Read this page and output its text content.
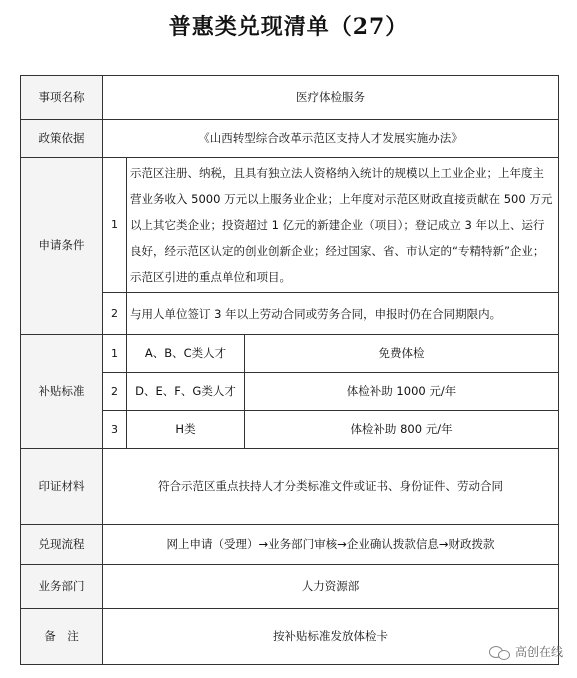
普惠类兑现清单（27）
事项名称	医疗体检服务		
政策依据	《山西转型综合改革示范区支持人才发展实施办法》		
申请条件	1	示范区注册、纳税，且具有独立法人资格纳入统计的规模以上工业企业；上年度主营业务收入 5000 万元以上服务业企业；上年度对示范区财政直接贡献在 500 万元以上其它类企业；投资超过 1 亿元的新建企业（项目）；登记成立 3 年以上、运行良好，经示范区认定的创业创新企业；经过国家、省、市认定的“专精特新”企业；示范区引进的重点单位和项目。	
	2	与用人单位签订 3 年以上劳动合同或劳务合同，申报时仍在合同期限内。	
补贴标准	1	A、B、C类人才	免费体检
	2	D、E、F、G类人才	体检补助 1000 元/年
	3	H类	体检补助 800 元/年
印证材料	符合示范区重点扶持人才分类标准文件或证书、身份证件、劳动合同		
兑现流程	网上申请（受理）→业务部门审核→企业确认拨款信息→财政拨款		
业务部门	人力资源部		
备　注	按补贴标准发放体检卡		
高创在线
